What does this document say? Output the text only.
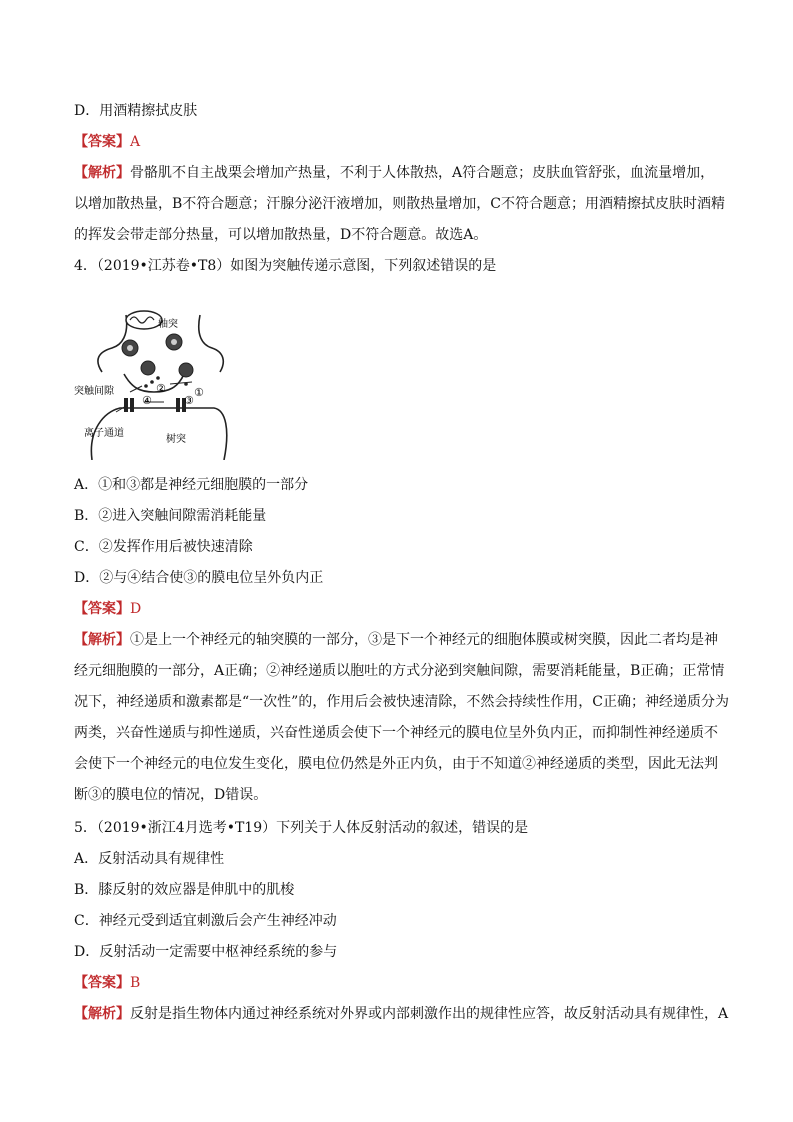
D．用酒精擦拭皮肤
【答案】A
【解析】骨骼肌不自主战栗会增加产热量，不利于人体散热，A符合题意；皮肤血管舒张，血流量增加，
以增加散热量，B不符合题意；汗腺分泌汗液增加，则散热量增加，C不符合题意；用酒精擦拭皮肤时酒精
的挥发会带走部分热量，可以增加散热量，D不符合题意。故选A。
4．（2019•江苏卷•T8）如图为突触传递示意图，下列叙述错误的是
轴突
突触间隙
离子通道
树突
①
②
③
④
A．①和③都是神经元细胞膜的一部分
B．②进入突触间隙需消耗能量
C．②发挥作用后被快速清除
D．②与④结合使③的膜电位呈外负内正
【答案】D
【解析】①是上一个神经元的轴突膜的一部分，③是下一个神经元的细胞体膜或树突膜，因此二者均是神
经元细胞膜的一部分，A正确；②神经递质以胞吐的方式分泌到突触间隙，需要消耗能量，B正确；正常情
况下，神经递质和激素都是“一次性”的，作用后会被快速清除，不然会持续性作用，C正确；神经递质分为
两类，兴奋性递质与抑性递质，兴奋性递质会使下一个神经元的膜电位呈外负内正，而抑制性神经递质不
会使下一个神经元的电位发生变化，膜电位仍然是外正内负，由于不知道②神经递质的类型，因此无法判
断③的膜电位的情况，D错误。
5．（2019•浙江4月选考•T19）下列关于人体反射活动的叙述，错误的是
A．反射活动具有规律性
B．膝反射的效应器是伸肌中的肌梭
C．神经元受到适宜刺激后会产生神经冲动
D．反射活动一定需要中枢神经系统的参与
【答案】B
【解析】反射是指生物体内通过神经系统对外界或内部刺激作出的规律性应答，故反射活动具有规律性，A
